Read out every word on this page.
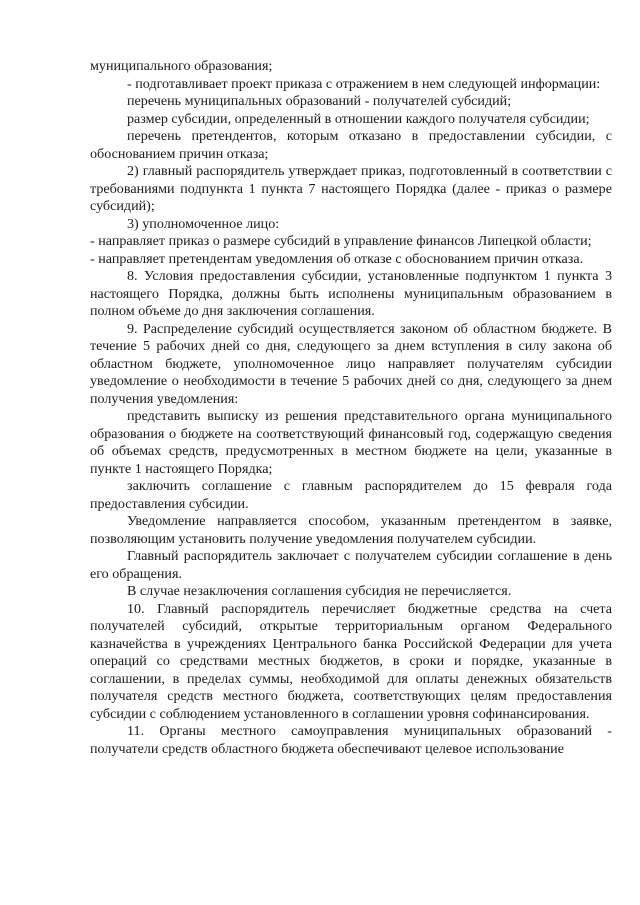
муниципального образования;

- подготавливает проект приказа с отражением в нем следующей информации:

перечень муниципальных образований - получателей субсидий;

размер субсидии, определенный в отношении каждого получателя субсидии;

перечень претендентов, которым отказано в предоставлении субсидии, с обоснованием причин отказа;

2) главный распорядитель утверждает приказ, подготовленный в соответствии с требованиями подпункта 1 пункта 7 настоящего Порядка (далее - приказ о размере субсидий);

3) уполномоченное лицо:

- направляет приказ о размере субсидий в управление финансов Липецкой области;

- направляет претендентам уведомления об отказе с обоснованием причин отказа.

8. Условия предоставления субсидии, установленные подпунктом 1 пункта 3 настоящего Порядка, должны быть исполнены муниципальным образованием в полном объеме до дня заключения соглашения.

9. Распределение субсидий осуществляется законом об областном бюджете. В течение 5 рабочих дней со дня, следующего за днем вступления в силу закона об областном бюджете, уполномоченное лицо направляет получателям субсидии уведомление о необходимости в течение 5 рабочих дней со дня, следующего за днем получения уведомления:

представить выписку из решения представительного органа муниципального образования о бюджете на соответствующий финансовый год, содержащую сведения об объемах средств, предусмотренных в местном бюджете на цели, указанные в пункте 1 настоящего Порядка;

заключить соглашение с главным распорядителем до 15 февраля года предоставления субсидии.

Уведомление направляется способом, указанным претендентом в заявке, позволяющим установить получение уведомления получателем субсидии.

Главный распорядитель заключает с получателем субсидии соглашение в день его обращения.

В случае незаключения соглашения субсидия не перечисляется.

10. Главный распорядитель перечисляет бюджетные средства на счета получателей субсидий, открытые территориальным органом Федерального казначейства в учреждениях Центрального банка Российской Федерации для учета операций со средствами местных бюджетов, в сроки и порядке, указанные в соглашении, в пределах суммы, необходимой для оплаты денежных обязательств получателя средств местного бюджета, соответствующих целям предоставления субсидии с соблюдением установленного в соглашении уровня софинансирования.

11. Органы местного самоуправления муниципальных образований - получатели средств областного бюджета обеспечивают целевое использование
